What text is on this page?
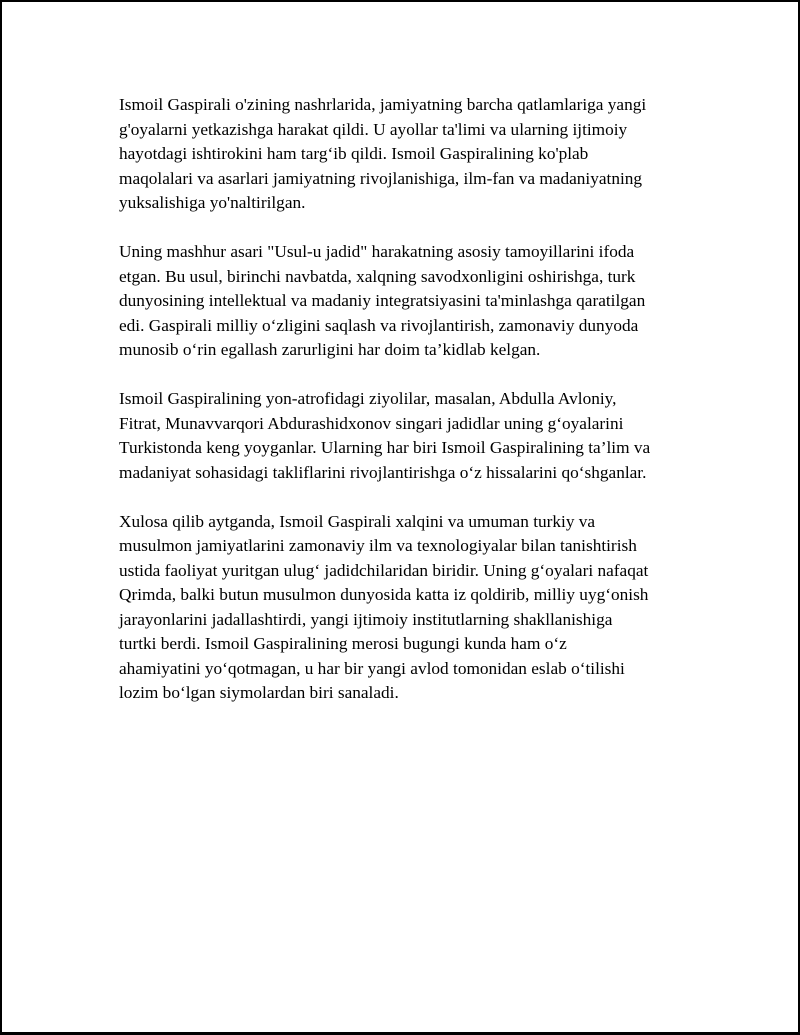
Ismoil Gaspirali o'zining nashrlarida, jamiyatning barcha qatlamlariga yangi
g'oyalarni yetkazishga harakat qildi. U ayollar ta'limi va ularning ijtimoiy
hayotdagi ishtirokini ham targ‘ib qildi. Ismoil Gaspiralining ko'plab
maqolalari va asarlari jamiyatning rivojlanishiga, ilm-fan va madaniyatning
yuksalishiga yo'naltirilgan.

Uning mashhur asari "Usul-u jadid" harakatning asosiy tamoyillarini ifoda
etgan. Bu usul, birinchi navbatda, xalqning savodxonligini oshirishga, turk
dunyosining intellektual va madaniy integratsiyasini ta'minlashga qaratilgan
edi. Gaspirali milliy o‘zligini saqlash va rivojlantirish, zamonaviy dunyoda
munosib o‘rin egallash zarurligini har doim ta’kidlab kelgan.

Ismoil Gaspiralining yon-atrofidagi ziyolilar, masalan, Abdulla Avloniy,
Fitrat, Munavvarqori Abdurashidxonov singari jadidlar uning g‘oyalarini
Turkistonda keng yoyganlar. Ularning har biri Ismoil Gaspiralining ta’lim va
madaniyat sohasidagi takliflarini rivojlantirishga o‘z hissalarini qo‘shganlar.

Xulosa qilib aytganda, Ismoil Gaspirali xalqini va umuman turkiy va
musulmon jamiyatlarini zamonaviy ilm va texnologiyalar bilan tanishtirish
ustida faoliyat yuritgan ulug‘ jadidchilaridan biridir. Uning g‘oyalari nafaqat
Qrimda, balki butun musulmon dunyosida katta iz qoldirib, milliy uyg‘onish
jarayonlarini jadallashtirdi, yangi ijtimoiy institutlarning shakllanishiga
turtki berdi. Ismoil Gaspiralining merosi bugungi kunda ham o‘z
ahamiyatini yo‘qotmagan, u har bir yangi avlod tomonidan eslab o‘tilishi
lozim bo‘lgan siymolardan biri sanaladi.
